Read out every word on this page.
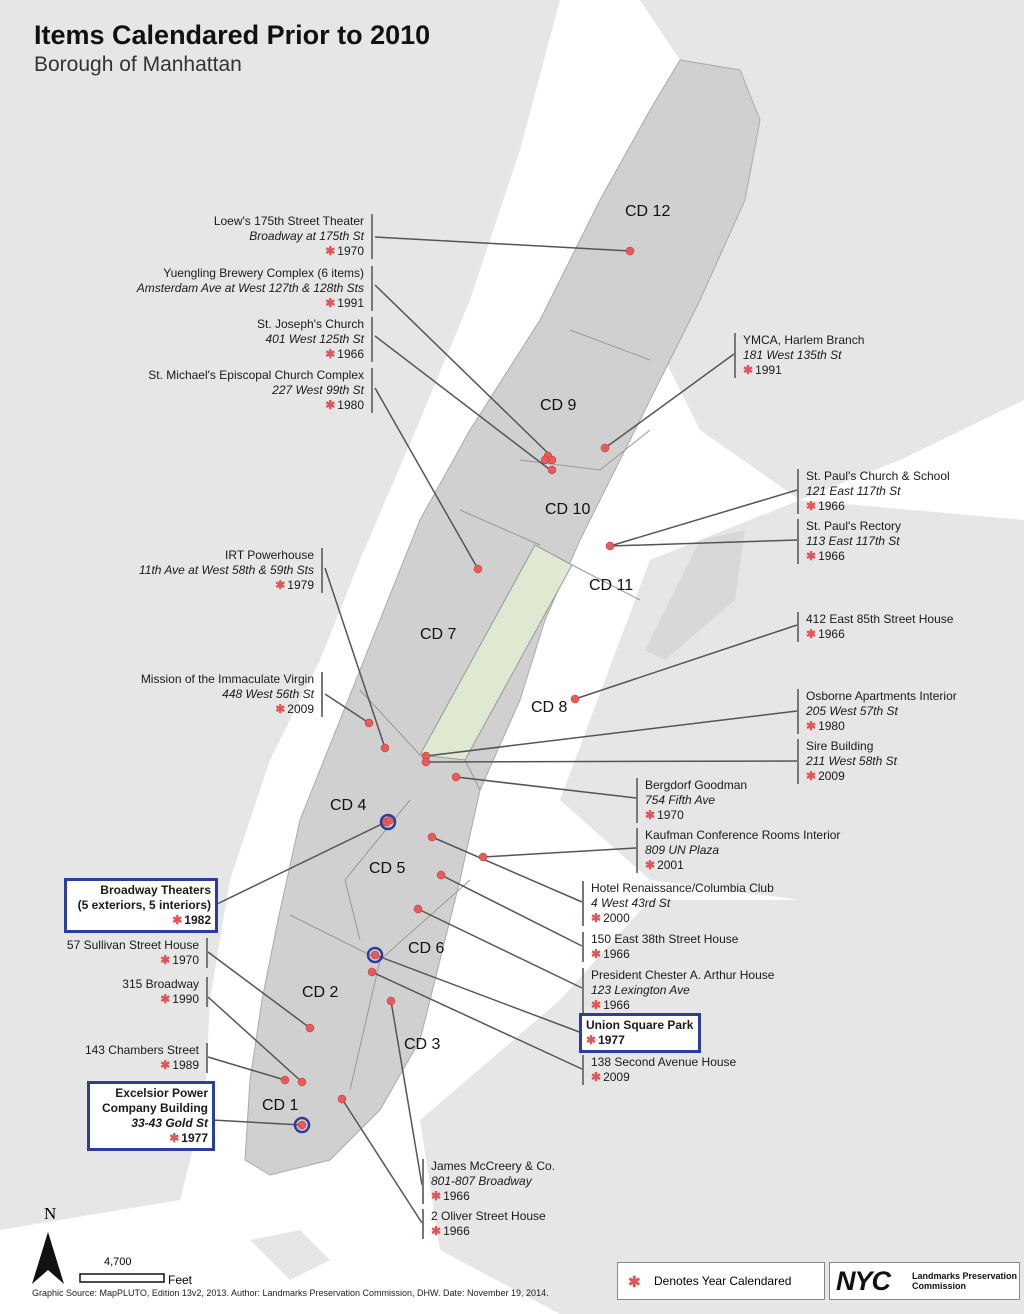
Items Calendared Prior to 2010
Borough of Manhattan
CD 12
CD 9
CD 10
CD 11
CD 7
CD 8
CD 4
CD 5
CD 6
CD 2
CD 3
CD 1
Loew's 175th Street Theater
Broadway at 175th St
✱ 1970
Yuengling Brewery Complex (6 items)
Amsterdam Ave at West 127th & 128th Sts
✱ 1991
St. Joseph's Church
401 West 125th St
✱ 1966
St. Michael's Episcopal Church Complex
227 West 99th St
✱ 1980
IRT Powerhouse
11th Ave at West 58th & 59th Sts
✱ 1979
Mission of the Immaculate Virgin
448 West 56th St
✱ 2009
Broadway Theaters
(5 exteriors, 5 interiors)
✱ 1982
57 Sullivan Street House
✱ 1970
315 Broadway
✱ 1990
143 Chambers Street
✱ 1989
Excelsior Power Company Building
33-43 Gold St
✱ 1977
YMCA, Harlem Branch
181 West 135th St
✱ 1991
St. Paul's Church & School
121 East 117th St
✱ 1966
St. Paul's Rectory
113 East 117th St
✱ 1966
412 East 85th Street House
✱ 1966
Osborne Apartments Interior
205 West 57th St
✱ 1980
Sire Building
211 West 58th St
✱ 2009
Bergdorf Goodman
754 Fifth Ave
✱ 1970
Kaufman Conference Rooms Interior
809 UN Plaza
✱ 2001
Hotel Renaissance/Columbia Club
4 West 43rd St
✱ 2000
150 East 38th Street House
✱ 1966
President Chester A. Arthur House
123 Lexington Ave
✱ 1966
Union Square Park
✱ 1977
138 Second Avenue House
✱ 2009
James McCreery & Co.
801-807 Broadway
✱ 1966
2 Oliver Street House
✱ 1966
N
4,700
Feet	✱ Denotes Year Calendared NYC Landmarks Preservation
Commission
Graphic Source: MapPLUTO, Edition 13v2, 2013. Author: Landmarks Preservation Commission, DHW. Date: November 19, 2014.
